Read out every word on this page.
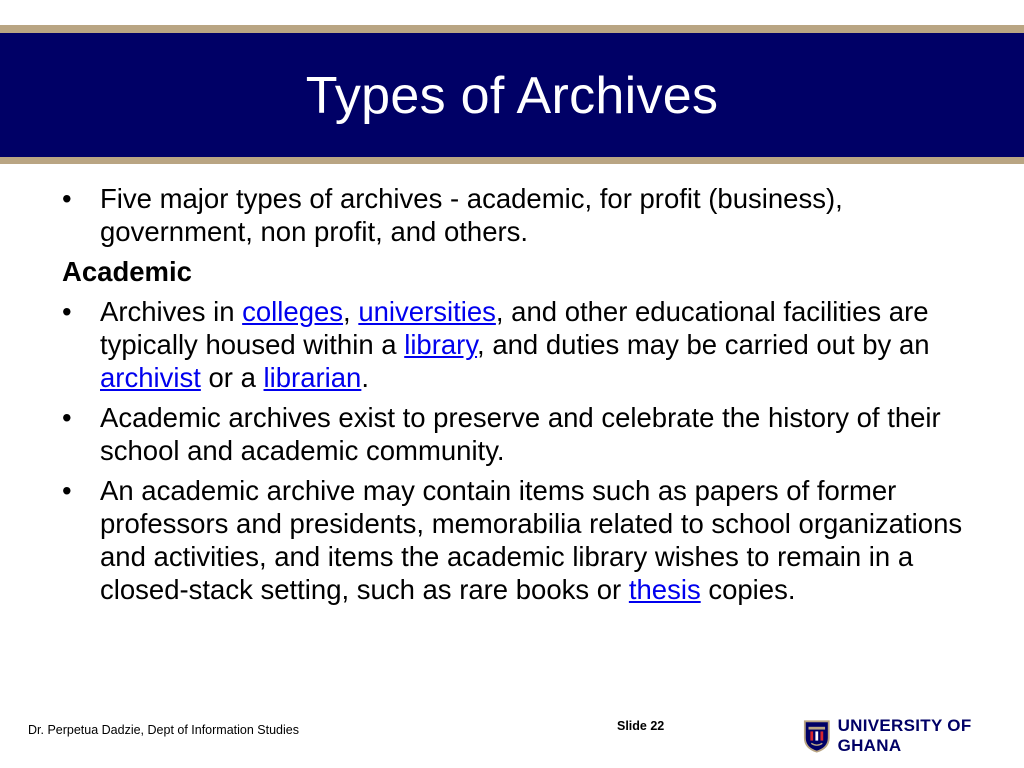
Types of Archives
• Five major types of archives - academic, for profit (business), government, non profit, and others.
Academic
• Archives in colleges, universities, and other educational facilities are typically housed within a library, and duties may be carried out by an archivist or a librarian.
• Academic archives exist to preserve and celebrate the history of their school and academic community.
• An academic archive may contain items such as papers of former professors and presidents, memorabilia related to school organizations and activities, and items the academic library wishes to remain in a closed-stack setting, such as rare books or thesis copies.
Dr. Perpetua Dadzie, Dept of Information Studies	Slide 22	UNIVERSITY OF GHANA
